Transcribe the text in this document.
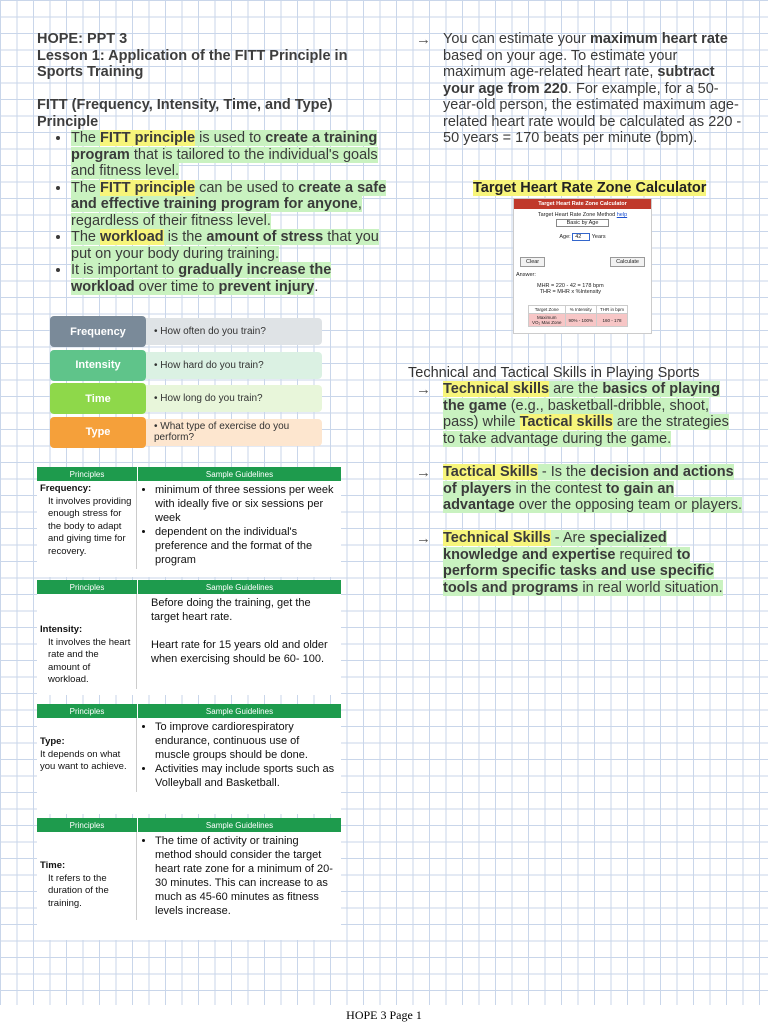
HOPE: PPT 3
Lesson 1: Application of the FITT Principle in Sports Training
FITT (Frequency, Intensity, Time, and Type) Principle
• The FITT principle is used to create a training program that is tailored to the individual's goals and fitness level.
• The FITT principle can be used to create a safe and effective training program for anyone, regardless of their fitness level.
• The workload is the amount of stress that you put on your body during training.
• It is important to gradually increase the workload over time to prevent injury.
Frequency	• How often do you train?
Intensity	• How hard do you train?
Time	• How long do you train?
Type	• What type of exercise do you perform?
Principles	Sample Guidelines
Frequency:
It involves providing enough stress for the body to adapt and giving time for recovery.
• minimum of three sessions per week with ideally five or six sessions per week
• dependent on the individual's preference and the format of the program
Principles	Sample Guidelines
Intensity:
It involves the heart rate and the amount of workload.

Before doing the training, get the target heart rate.

Heart rate for 15 years old and older when exercising should be 60- 100.

Principles	Sample Guidelines
Type:
It depends on what you want to achieve.
• To improve cardiorespiratory endurance, continuous use of muscle groups should be done.
• Activities may include sports such as Volleyball and Basketball.
Principles	Sample Guidelines
Time:
It refers to the duration of the training.
• The time of activity or training method should consider the target heart rate zone for a minimum of 20-30 minutes. This can increase to as much as 45-60 minutes as fitness levels increase.
→ You can estimate your maximum heart rate based on your age. To estimate your maximum age-related heart rate, subtract your age from 220. For example, for a 50-year-old person, the estimated maximum age-related heart rate would be calculated as 220 - 50 years = 170 beats per minute (bpm).
Target Heart Rate Zone Calculator
Target Heart Rate Zone Calculator
Target Heart Rate Zone Method help
Basic by Age
Age: 42 Years
Clear	Calculate
Answer:
MHR = 220 - 42 = 178 bpm
THR = MHR x %Intensity
Target Zone	% Intensity	THR in bpm
Maximum
VO₂ Max Zone	90% - 100%	160 - 178
Technical and Tactical Skills in Playing Sports
→ Technical skills are the basics of playing the game (e.g., basketball-dribble, shoot, pass) while Tactical skills are the strategies to take advantage during the game.
→ Tactical Skills - Is the decision and actions of players in the contest to gain an advantage over the opposing team or players.
→ Technical Skills - Are specialized knowledge and expertise required to perform specific tasks and use specific tools and programs in real world situation.
HOPE 3 Page 1
